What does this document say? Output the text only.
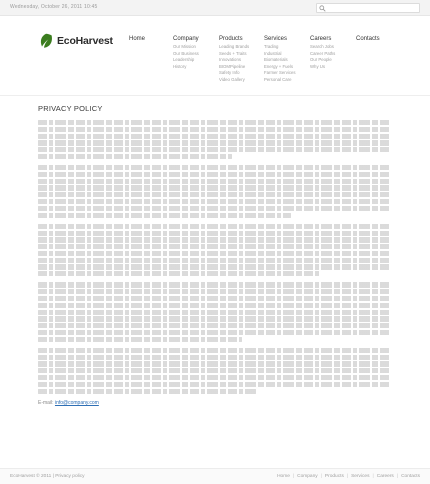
Wednesday, October 26, 2011 10:45
EcoHarvest	Home	Company
Our Mission
Our Business
Leadership
History
Products
Leading Brands
Seeds + Traits
Innovations
BIOMPipeline
Safety Info
Video Gallery
Services
Trading
Industrial
Biomaterials
Energy + Fuels
Farmer Services
Personal Care
Careers
Search Jobs
Career Paths
Our People
Why Us
Contacts
PRIVACY POLICY
E-mail: info@company.com
EcoHarvest © 2011 | Privacy policy	Home | Company | Products | Services | Careers | Contacts
